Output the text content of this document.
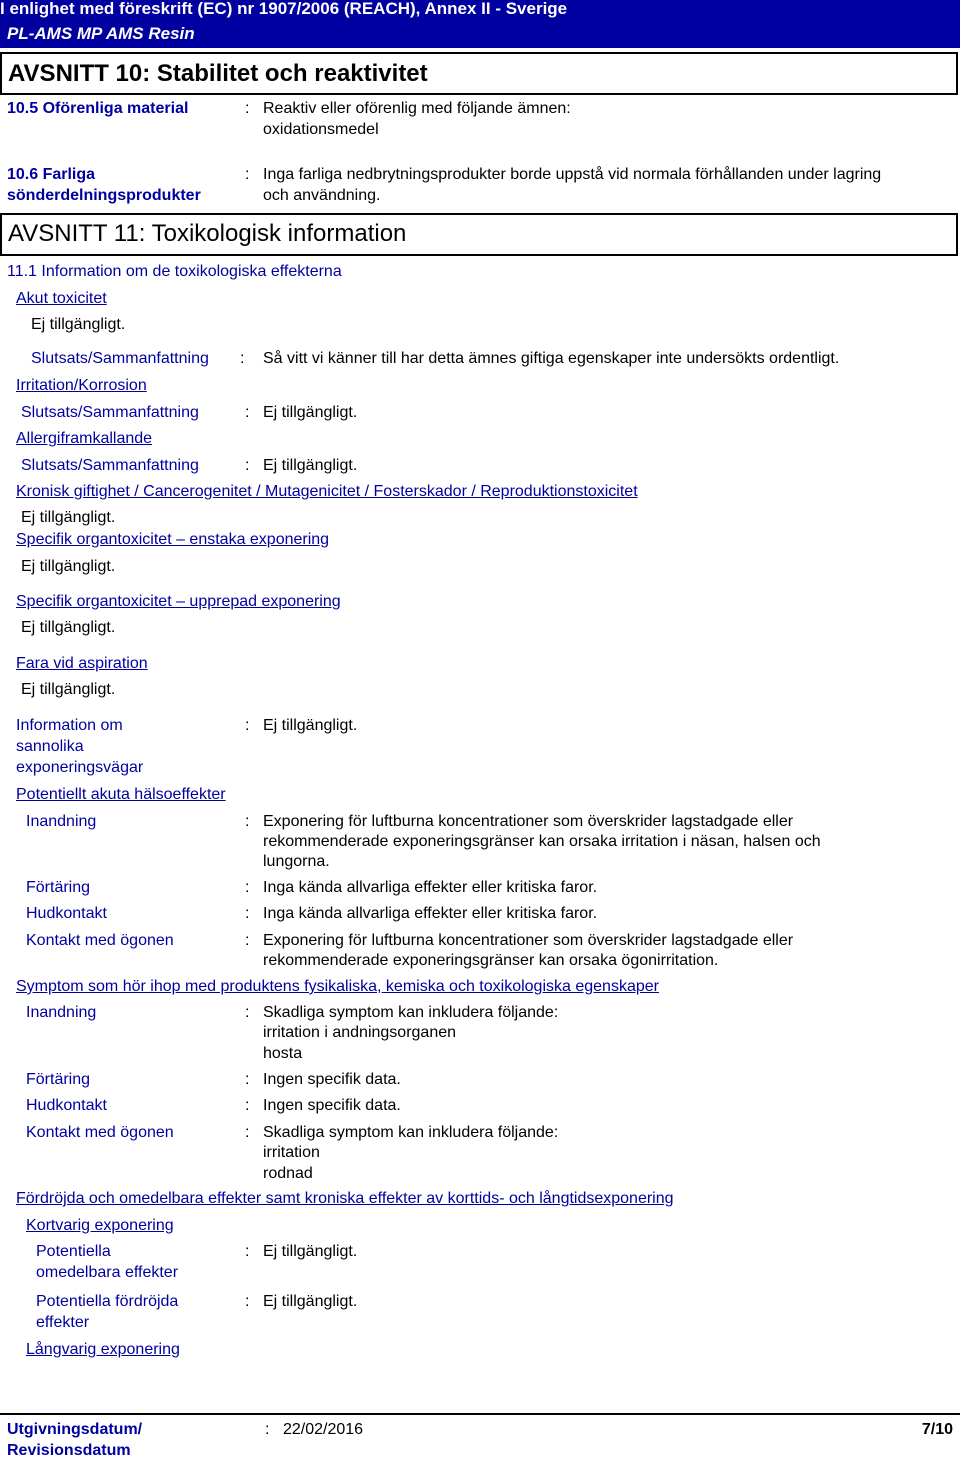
I enlighet med föreskrift (EC) nr 1907/2006 (REACH), Annex II - Sverige
PL-AMS MP AMS Resin
AVSNITT 10: Stabilitet och reaktivitet
10.5 Oförenliga material	: Reaktiv eller oförenlig med följande ämnen:
oxidationsmedel
10.6 Farliga
sönderdelningsprodukter
: Inga farliga nedbrytningsprodukter borde uppstå vid normala förhållanden under lagring
och användning.
AVSNITT 11: Toxikologisk information
11.1 Information om de toxikologiska effekterna
Akut toxicitet
Ej tillgängligt.
Slutsats/Sammanfattning : Så vitt vi känner till har detta ämnes giftiga egenskaper inte undersökts ordentligt.
Irritation/Korrosion
Slutsats/Sammanfattning	: Ej tillgängligt.
Allergiframkallande
Slutsats/Sammanfattning	: Ej tillgängligt.
Kronisk giftighet / Cancerogenitet / Mutagenicitet / Fosterskador / Reproduktionstoxicitet
Ej tillgängligt.
Specifik organtoxicitet – enstaka exponering
Ej tillgängligt.
Specifik organtoxicitet – upprepad exponering
Ej tillgängligt.
Fara vid aspiration
Ej tillgängligt.
Information om
sannolika
exponeringsvägar
: Ej tillgängligt.
Potentiellt akuta hälsoeffekter
Inandning	: Exponering för luftburna koncentrationer som överskrider lagstadgade eller
rekommenderade exponeringsgränser kan orsaka irritation i näsan, halsen och
lungorna.
Förtäring	: Inga kända allvarliga effekter eller kritiska faror.
Hudkontakt	: Inga kända allvarliga effekter eller kritiska faror.
Kontakt med ögonen	: Exponering för luftburna koncentrationer som överskrider lagstadgade eller
rekommenderade exponeringsgränser kan orsaka ögonirritation.
Symptom som hör ihop med produktens fysikaliska, kemiska och toxikologiska egenskaper
Inandning	: Skadliga symptom kan inkludera följande:
irritation i andningsorganen
hosta
Förtäring	: Ingen specifik data.
Hudkontakt	: Ingen specifik data.
Kontakt med ögonen	: Skadliga symptom kan inkludera följande:
irritation
rodnad
Fördröjda och omedelbara effekter samt kroniska effekter av korttids- och långtidsexponering
Kortvarig exponering
Potentiella
omedelbara effekter
: Ej tillgängligt.
Potentiella fördröjda
effekter
: Ej tillgängligt.
Långvarig exponering
Utgivningsdatum/
Revisionsdatum
: 22/02/2016	7/10
